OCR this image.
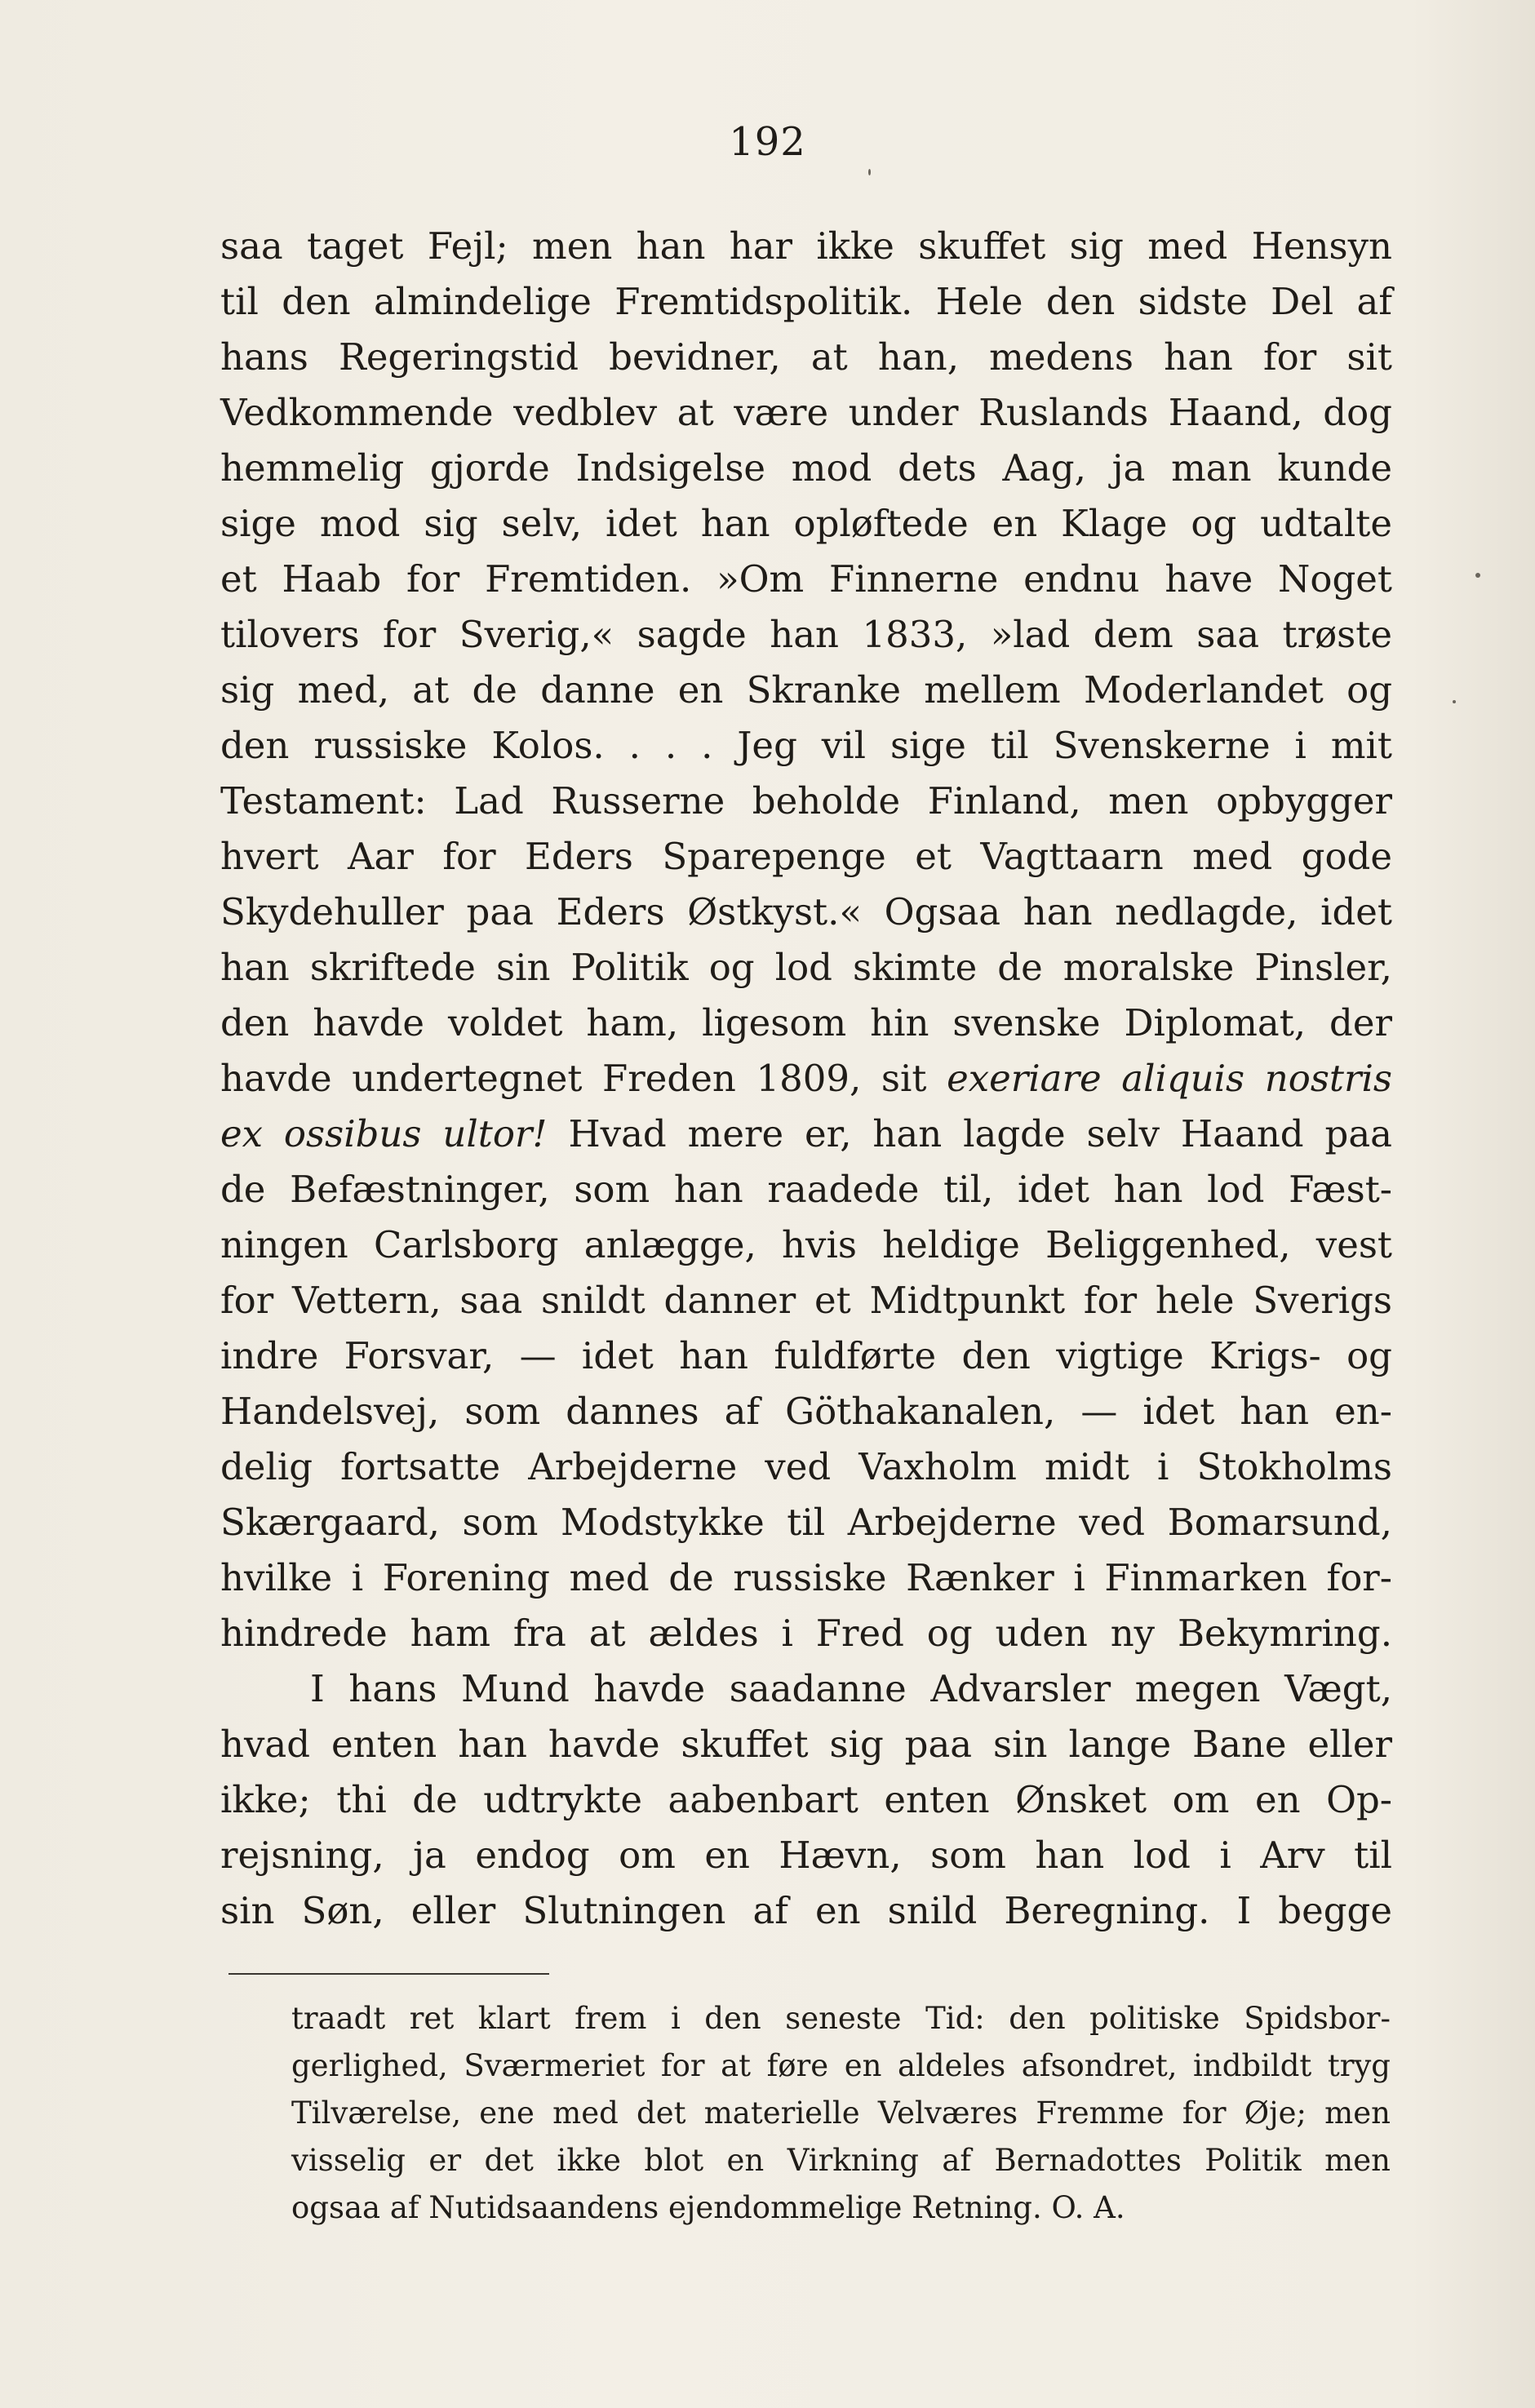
192
saa taget Fejl; men han har ikke skuffet sig med Hensyn
til den almindelige Fremtidspolitik. Hele den sidste Del af
hans Regeringstid bevidner, at han, medens han for sit
Vedkommende vedblev at være under Ruslands Haand, dog
hemmelig gjorde Indsigelse mod dets Aag, ja man kunde
sige mod sig selv, idet han opløftede en Klage og udtalte
et Haab for Fremtiden. »Om Finnerne endnu have Noget
tilovers for Sverig,« sagde han 1833, »lad dem saa trøste
sig med, at de danne en Skranke mellem Moderlandet og
den russiske Kolos. . . . Jeg vil sige til Svenskerne i mit
Testament: Lad Russerne beholde Finland, men opbygger
hvert Aar for Eders Sparepenge et Vagttaarn med gode
Skydehuller paa Eders Østkyst.« Ogsaa han nedlagde, idet
han skriftede sin Politik og lod skimte de moralske Pinsler,
den havde voldet ham, ligesom hin svenske Diplomat, der
havde undertegnet Freden 1809, sit exeriare aliquis nostris
ex ossibus ultor! Hvad mere er, han lagde selv Haand paa
de Befæstninger, som han raadede til, idet han lod Fæst-
ningen Carlsborg anlægge, hvis heldige Beliggenhed, vest
for Vettern, saa snildt danner et Midtpunkt for hele Sverigs
indre Forsvar, — idet han fuldførte den vigtige Krigs- og
Handelsvej, som dannes af Göthakanalen, — idet han en-
delig fortsatte Arbejderne ved Vaxholm midt i Stokholms
Skærgaard, som Modstykke til Arbejderne ved Bomarsund,
hvilke i Forening med de russiske Rænker i Finmarken for-
hindrede ham fra at ældes i Fred og uden ny Bekymring.
I hans Mund havde saadanne Advarsler megen Vægt,
hvad enten han havde skuffet sig paa sin lange Bane eller
ikke; thi de udtrykte aabenbart enten Ønsket om en Op-
rejsning, ja endog om en Hævn, som han lod i Arv til
sin Søn, eller Slutningen af en snild Beregning. I begge
traadt ret klart frem i den seneste Tid: den politiske Spidsbor-
gerlighed, Sværmeriet for at føre en aldeles afsondret, indbildt tryg
Tilværelse, ene med det materielle Velværes Fremme for Øje; men
visselig er det ikke blot en Virkning af Bernadottes Politik men
ogsaa af Nutidsaandens ejendommelige Retning. O. A.
